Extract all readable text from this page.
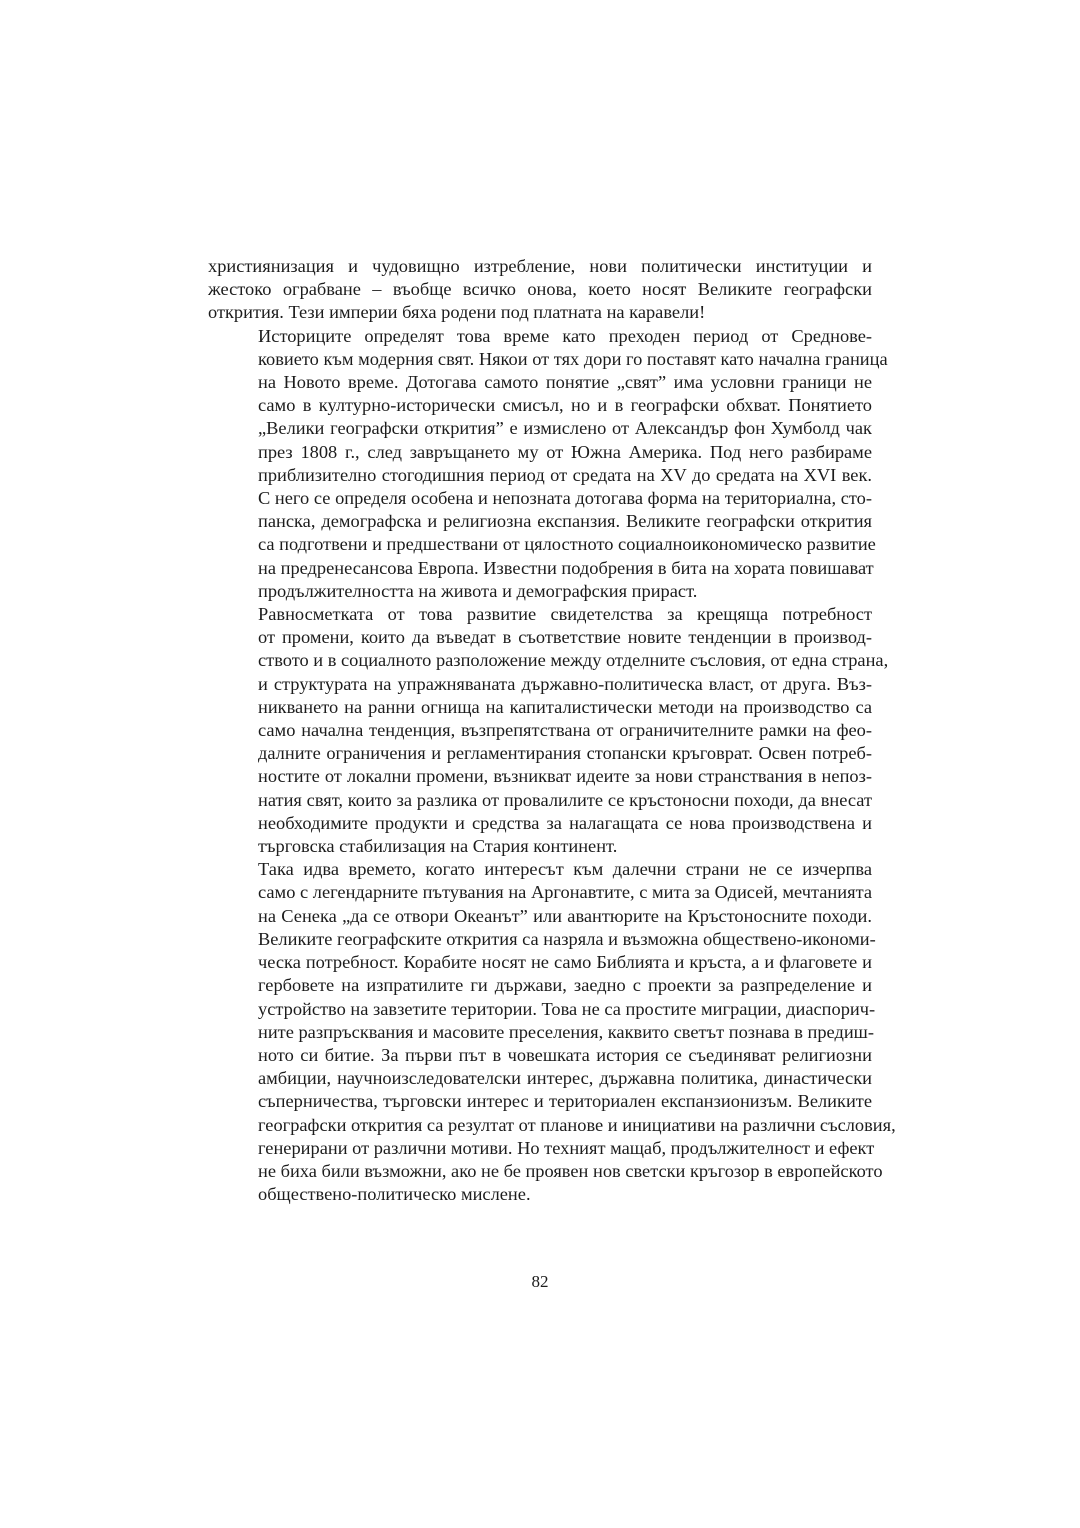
християнизация и чудовищно изтребление, нови политически институции и
жестоко ограбване – въобще всичко онова, което носят Великите географски
открития. Тези империи бяха родени под платната на каравели!

Историците определят това време като преходен период от Среднове-
ковието към модерния свят. Някои от тях дори го поставят като начална граница
на Новото време. Дотогава самото понятие „свят” има условни граници не
само в културно-исторически смисъл, но и в географски обхват. Понятието
„Велики географски открития” е измислено от Александър фон Хумболд чак
през 1808 г., след завръщането му от Южна Америка. Под него разбираме
приблизително стогодишния период от средата на XV до средата на XVI век.
С него се определя особена и непозната дотогава форма на териториална, сто-
панска, демографска и религиозна експанзия. Великите географски открития
са подготвени и предшествани от цялостното социалноикономическо развитие
на предренесансова Европа. Известни подобрения в бита на хората повишават
продължителността на живота и демографския прираст.

Равносметката от това развитие свидетелства за крещяща потребност
от промени, които да въведат в съответствие новите тенденции в производ-
ството и в социалното разположение между отделните съсловия, от една страна,
и структурата на упражняваната държавно-политическа власт, от друга. Въз-
никването на ранни огнища на капиталистически методи на производство са
само начална тенденция, възпрепятствана от ограничителните рамки на фео-
далните ограничения и регламентирания стопански кръговрат. Освен потреб-
ностите от локални промени, възникват идеите за нови странствания в непоз-
натия свят, които за разлика от провалилите се кръстоносни походи, да внесат
необходимите продукти и средства за налагащата се нова производствена и
търговска стабилизация на Стария континент.

Така идва времето, когато интересът към далечни страни не се изчерпва
само с легендарните пътувания на Аргонавтите, с мита за Одисей, мечтанията
на Сенека „да се отвори Океанът” или авантюрите на Кръстоносните походи.
Великите географските открития са назряла и възможна обществено-икономи-
ческа потребност. Корабите носят не само Библията и кръста, а и флаговете и
гербовете на изпратилите ги държави, заедно с проекти за разпределение и
устройство на завзетите територии. Това не са простите миграции, диаспорич-
ните разпръсквания и масовите преселения, каквито светът познава в предиш-
ното си битие. За първи път в човешката история се съединяват религиозни
амбиции, научноизследователски интерес, държавна политика, династически
съперничества, търговски интерес и териториален експанзионизъм. Великите
географски открития са резултат от планове и инициативи на различни съсловия,
генерирани от различни мотиви. Но техният мащаб, продължителност и ефект
не биха били възможни, ако не бе проявен нов светски кръгозор в европейското
обществено-политическо мислене.

82
